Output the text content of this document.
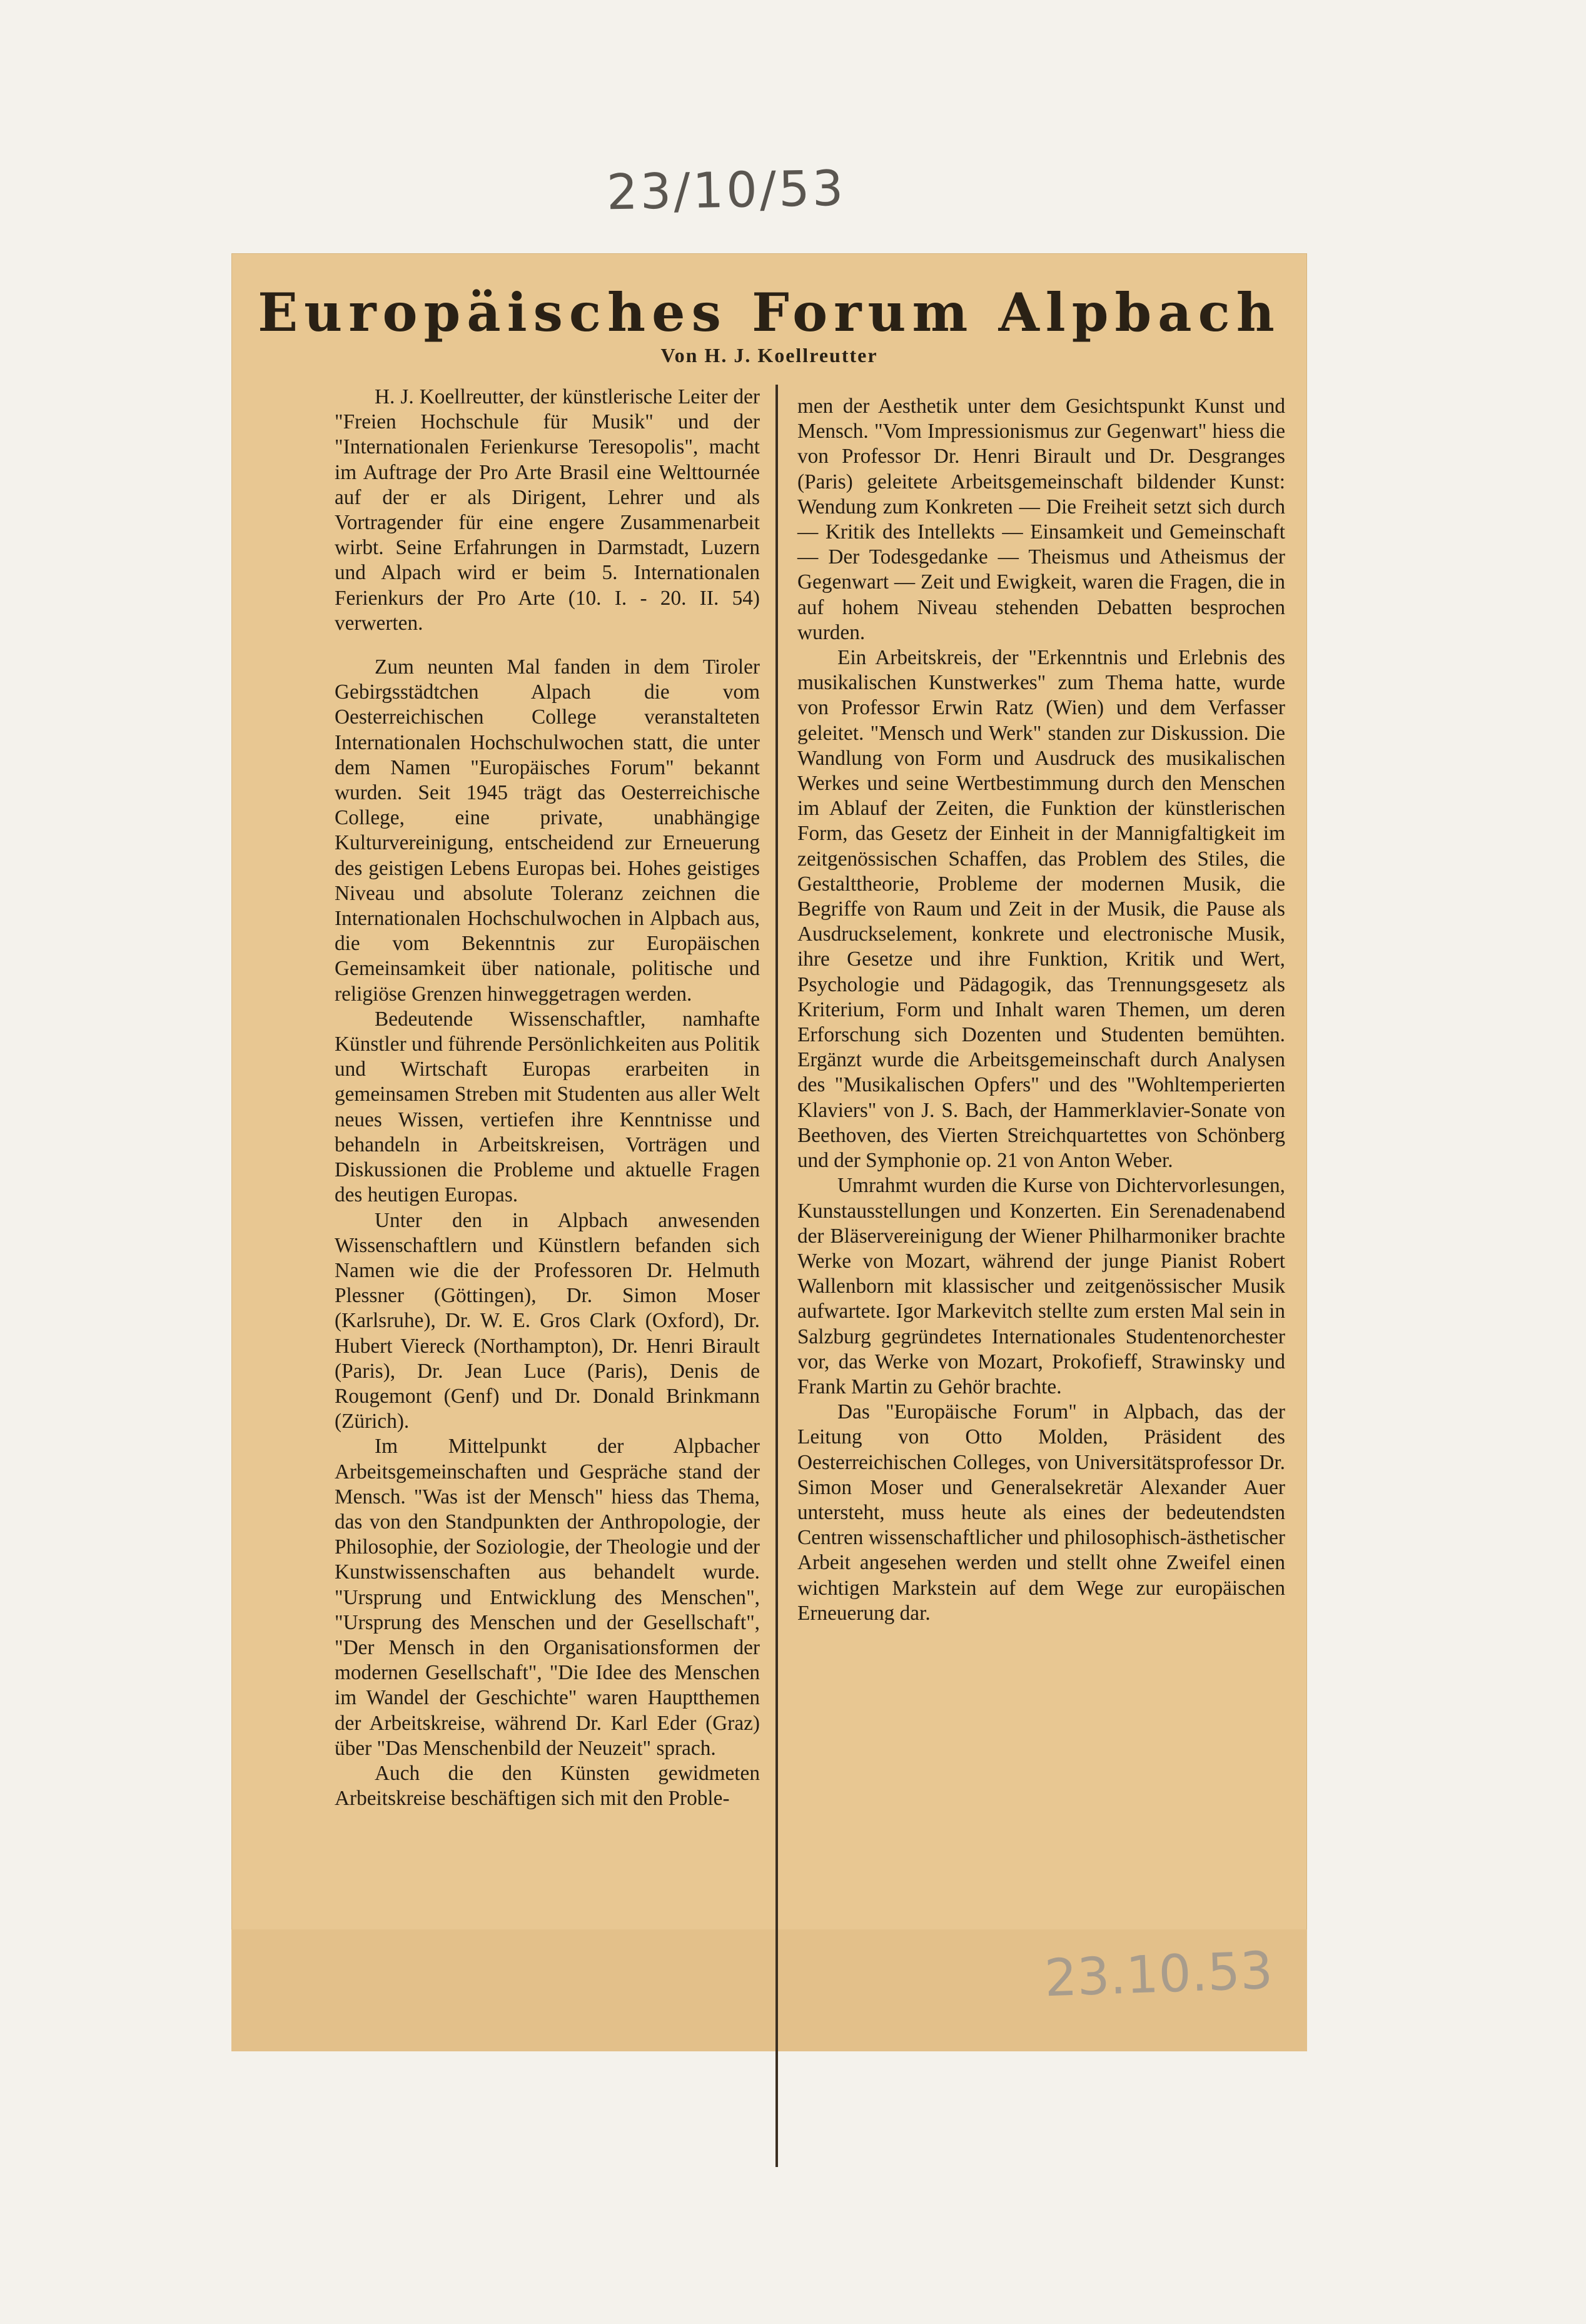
23/10/53
Europäisches Forum Alpbach
Von H. J. Koellreutter

H. J. Koellreutter, der künstlerische Leiter der "Freien Hochschule für Musik" und der "Internationalen Ferienkurse Teresopolis", macht im Auftrage der Pro Arte Brasil eine Welttournée auf der er als Dirigent, Lehrer und als Vortragender für eine engere Zusammenarbeit wirbt. Seine Erfahrungen in Darmstadt, Luzern und Alpach wird er beim 5. Internationalen Ferienkurs der Pro Arte (10. I. - 20. II. 54) verwerten.

Zum neunten Mal fanden in dem Tiroler Gebirgsstädtchen Alpach die vom Oesterreichischen College veranstalteten Internationalen Hochschulwochen statt, die unter dem Namen "Europäisches Forum" bekannt wurden. Seit 1945 trägt das Oesterreichische College, eine private, unabhängige Kulturvereinigung, entscheidend zur Erneuerung des geistigen Lebens Europas bei. Hohes geistiges Niveau und absolute Toleranz zeichnen die Internationalen Hochschulwochen in Alpbach aus, die vom Bekenntnis zur Europäischen Gemeinsamkeit über nationale, politische und religiöse Grenzen hinweggetragen werden.

Bedeutende Wissenschaftler, namhafte Künstler und führende Persönlichkeiten aus Politik und Wirtschaft Europas erarbeiten in gemeinsamen Streben mit Studenten aus aller Welt neues Wissen, vertiefen ihre Kenntnisse und behandeln in Arbeitskreisen, Vorträgen und Diskussionen die Probleme und aktuelle Fragen des heutigen Europas.

Unter den in Alpbach anwesenden Wissenschaftlern und Künstlern befanden sich Namen wie die der Professoren Dr. Helmuth Plessner (Göttingen), Dr. Simon Moser (Karlsruhe), Dr. W. E. Gros Clark (Oxford), Dr. Hubert Viereck (Northampton), Dr. Henri Birault (Paris), Dr. Jean Luce (Paris), Denis de Rougemont (Genf) und Dr. Donald Brinkmann (Zürich).

Im Mittelpunkt der Alpbacher Arbeitsgemeinschaften und Gespräche stand der Mensch. "Was ist der Mensch" hiess das Thema, das von den Standpunkten der Anthropologie, der Philosophie, der Soziologie, der Theologie und der Kunstwissenschaften aus behandelt wurde. "Ursprung und Entwicklung des Menschen", "Ursprung des Menschen und der Gesellschaft", "Der Mensch in den Organisationsformen der modernen Gesellschaft", "Die Idee des Menschen im Wandel der Geschichte" waren Hauptthemen der Arbeitskreise, während Dr. Karl Eder (Graz) über "Das Menschenbild der Neuzeit" sprach.

Auch die den Künsten gewidmeten Arbeitskreise beschäftigen sich mit den Proble-

men der Aesthetik unter dem Gesichtspunkt Kunst und Mensch. "Vom Impressionismus zur Gegenwart" hiess die von Professor Dr. Henri Birault und Dr. Desgranges (Paris) geleitete Arbeitsgemeinschaft bildender Kunst: Wendung zum Konkreten — Die Freiheit setzt sich durch — Kritik des Intellekts — Einsamkeit und Gemeinschaft — Der Todesgedanke — Theismus und Atheismus der Gegenwart — Zeit und Ewigkeit, waren die Fragen, die in auf hohem Niveau stehenden Debatten besprochen wurden.

Ein Arbeitskreis, der "Erkenntnis und Erlebnis des musikalischen Kunstwerkes" zum Thema hatte, wurde von Professor Erwin Ratz (Wien) und dem Verfasser geleitet. "Mensch und Werk" standen zur Diskussion. Die Wandlung von Form und Ausdruck des musikalischen Werkes und seine Wertbestimmung durch den Menschen im Ablauf der Zeiten, die Funktion der künstlerischen Form, das Gesetz der Einheit in der Mannigfaltigkeit im zeitgenössischen Schaffen, das Problem des Stiles, die Gestalttheorie, Probleme der modernen Musik, die Begriffe von Raum und Zeit in der Musik, die Pause als Ausdruckselement, konkrete und electronische Musik, ihre Gesetze und ihre Funktion, Kritik und Wert, Psychologie und Pädagogik, das Trennungsgesetz als Kriterium, Form und Inhalt waren Themen, um deren Erforschung sich Dozenten und Studenten bemühten. Ergänzt wurde die Arbeitsgemeinschaft durch Analysen des "Musikalischen Opfers" und des "Wohltemperierten Klaviers" von J. S. Bach, der Hammerklavier-Sonate von Beethoven, des Vierten Streichquartettes von Schönberg und der Symphonie op. 21 von Anton Weber.

Umrahmt wurden die Kurse von Dichtervorlesungen, Kunstausstellungen und Konzerten. Ein Serenadenabend der Bläservereinigung der Wiener Philharmoniker brachte Werke von Mozart, während der junge Pianist Robert Wallenborn mit klassischer und zeitgenössischer Musik aufwartete. Igor Markevitch stellte zum ersten Mal sein in Salzburg gegründetes Internationales Studentenorchester vor, das Werke von Mozart, Prokofieff, Strawinsky und Frank Martin zu Gehör brachte.

Das "Europäische Forum" in Alpbach, das der Leitung von Otto Molden, Präsident des Oesterreichischen Colleges, von Universitätsprofessor Dr. Simon Moser und Generalsekretär Alexander Auer untersteht, muss heute als eines der bedeutendsten Centren wissenschaftlicher und philosophisch-ästhetischer Arbeit angesehen werden und stellt ohne Zweifel einen wichtigen Markstein auf dem Wege zur europäischen Erneuerung dar.

23.10.53
